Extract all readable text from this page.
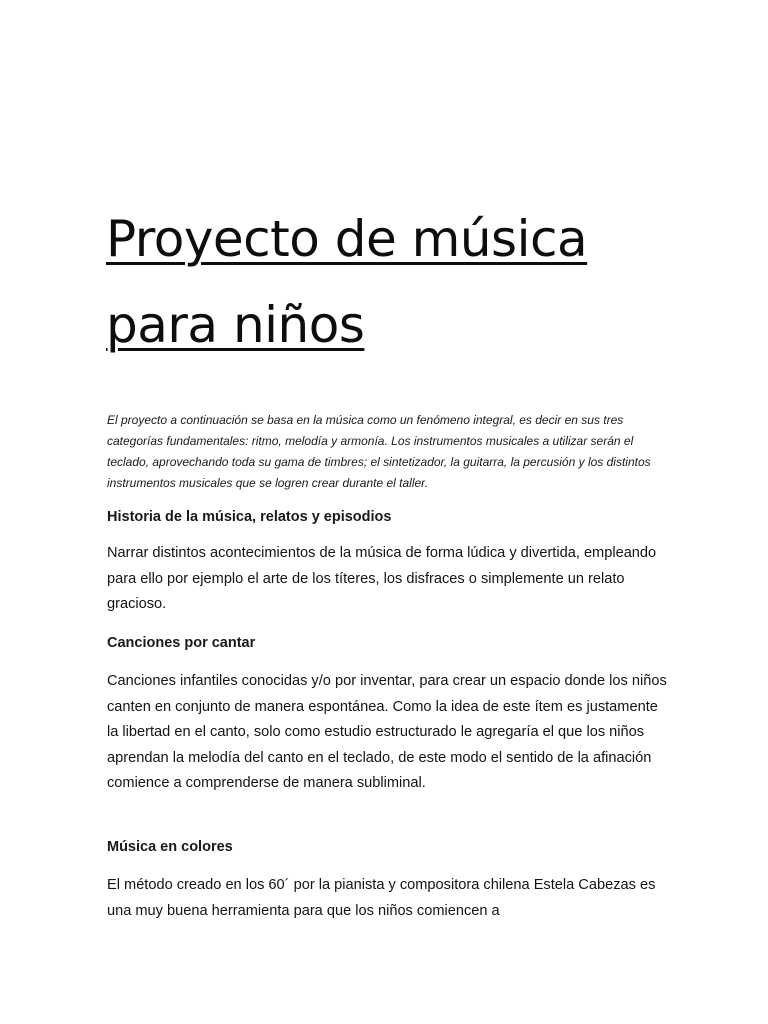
Proyecto de música
para niños

El proyecto a continuación se basa en la música como un fenómeno integral, es decir en sus tres categorías fundamentales: ritmo, melodía y armonía. Los instrumentos musicales a utilizar serán el teclado, aprovechando toda su gama de timbres; el sintetizador, la guitarra, la percusión y los distintos instrumentos musicales que se logren crear durante el taller.

Historia de la música, relatos y episodios

Narrar distintos acontecimientos de la música de forma lúdica y divertida, empleando para ello por ejemplo el arte de los títeres, los disfraces o simplemente un relato gracioso.

Canciones por cantar

Canciones infantiles conocidas y/o por inventar, para crear un espacio donde los niños canten en conjunto de manera espontánea. Como la idea de este ítem es justamente la libertad en el canto, solo como estudio estructurado le agregaría el que los niños aprendan la melodía del canto en el teclado, de este modo el sentido de la afinación comience a comprenderse de manera subliminal.

Música en colores

El método creado en los 60´ por la pianista y compositora chilena Estela Cabezas es una muy buena herramienta para que los niños comiencen a
